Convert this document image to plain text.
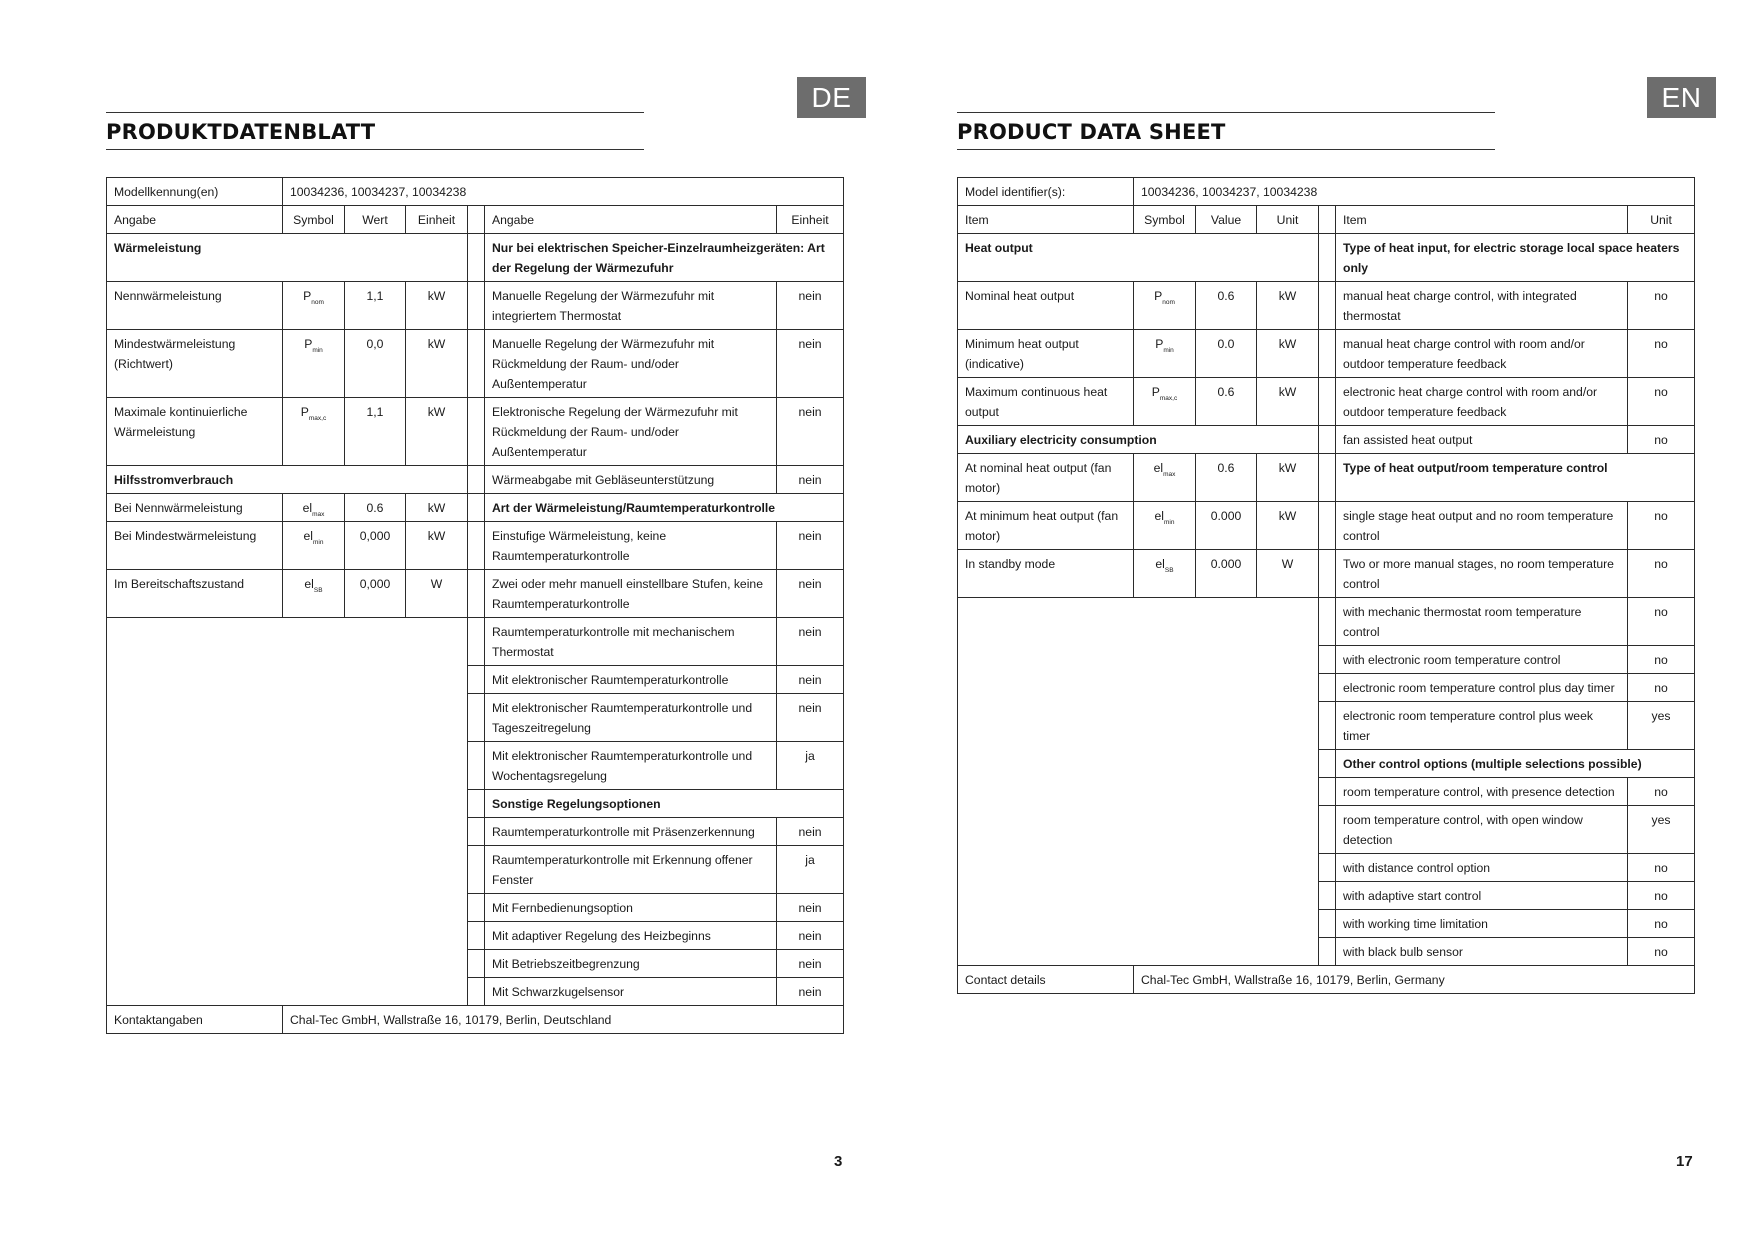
DE
PRODUKTDATENBLATT
Modellkennung(en)	10034236, 10034237, 10034238					
Angabe	Symbol	Wert	Einheit		Angabe	Einheit
Wärmeleistung					Nur bei elektrischen Speicher-Einzelraumheizgeräten: Art der Regelung der Wärmezufuhr	
Nennwärmeleistung	$P_{nom}$	1,1	kW		Manuelle Regelung der Wärmezufuhr mit integriertem Thermostat	nein
Mindestwärmeleistung (Richtwert)	$P_{min}$	0,0	kW		Manuelle Regelung der Wärmezufuhr mit Rückmeldung der Raum- und/oder Außentemperatur	nein
Maximale kontinuierliche Wärmeleistung	$P_{max,c}$	1,1	kW		Elektronische Regelung der Wärmezufuhr mit Rückmeldung der Raum- und/oder Außentemperatur	nein
Hilfsstromverbrauch					Wärmeabgabe mit Gebläseunterstützung	nein
Bei Nennwärmeleistung	$el_{max}$	0.6	kW		Art der Wärmeleistung/Raumtemperaturkontrolle	
Bei Mindestwärmeleistung	$el_{min}$	0,000	kW		Einstufige Wärmeleistung, keine Raumtemperaturkontrolle	nein
Im Bereitschaftszustand	$el_{SB}$	0,000	W		Zwei oder mehr manuell einstellbare Stufen, keine Raumtemperaturkontrolle	nein
					Raumtemperaturkontrolle mit mechanischem Thermostat	nein
					Mit elektronischer Raumtemperaturkontrolle	nein
					Mit elektronischer Raumtemperaturkontrolle und Tageszeitregelung	nein
					Mit elektronischer Raumtemperaturkontrolle und Wochentagsregelung	ja
					Sonstige Regelungsoptionen	
					Raumtemperaturkontrolle mit Präsenzerkennung	nein
					Raumtemperaturkontrolle mit Erkennung offener Fenster	ja
					Mit Fernbedienungsoption	nein
					Mit adaptiver Regelung des Heizbeginns	nein
					Mit Betriebszeitbegrenzung	nein
					Mit Schwarzkugelsensor	nein
Kontaktangaben	Chal-Tec GmbH, Wallstraße 16, 10179, Berlin, Deutschland					
3
EN
PRODUCT DATA SHEET
Model identifier(s):	10034236, 10034237, 10034238					
Item	Symbol	Value	Unit		Item	Unit
Heat output					Type of heat input, for electric storage local space heaters only	
Nominal heat output	$P_{nom}$	0.6	kW		manual heat charge control, with integrated thermostat	no
Minimum heat output (indicative)	$P_{min}$	0.0	kW		manual heat charge control with room and/or outdoor temperature feedback	no
Maximum continuous heat output	$P_{max,c}$	0.6	kW		electronic heat charge control with room and/or outdoor temperature feedback	no
Auxiliary electricity consumption					fan assisted heat output	no
At nominal heat output (fan motor)	$el_{max}$	0.6	kW		Type of heat output/room temperature control	
At minimum heat output (fan motor)	$el_{min}$	0.000	kW		single stage heat output and no room temperature control	no
In standby mode	$el_{SB}$	0.000	W		Two or more manual stages, no room temperature control	no
					with mechanic thermostat room temperature control	no
					with electronic room temperature control	no
					electronic room temperature control plus day timer	no
					electronic room temperature control plus week timer	yes
					Other control options (multiple selections possible)	
					room temperature control, with presence detection	no
					room temperature control, with open window detection	yes
					with distance control option	no
					with adaptive start control	no
					with working time limitation	no
					with black bulb sensor	no
Contact details	Chal-Tec GmbH, Wallstraße 16, 10179, Berlin, Germany					
17
